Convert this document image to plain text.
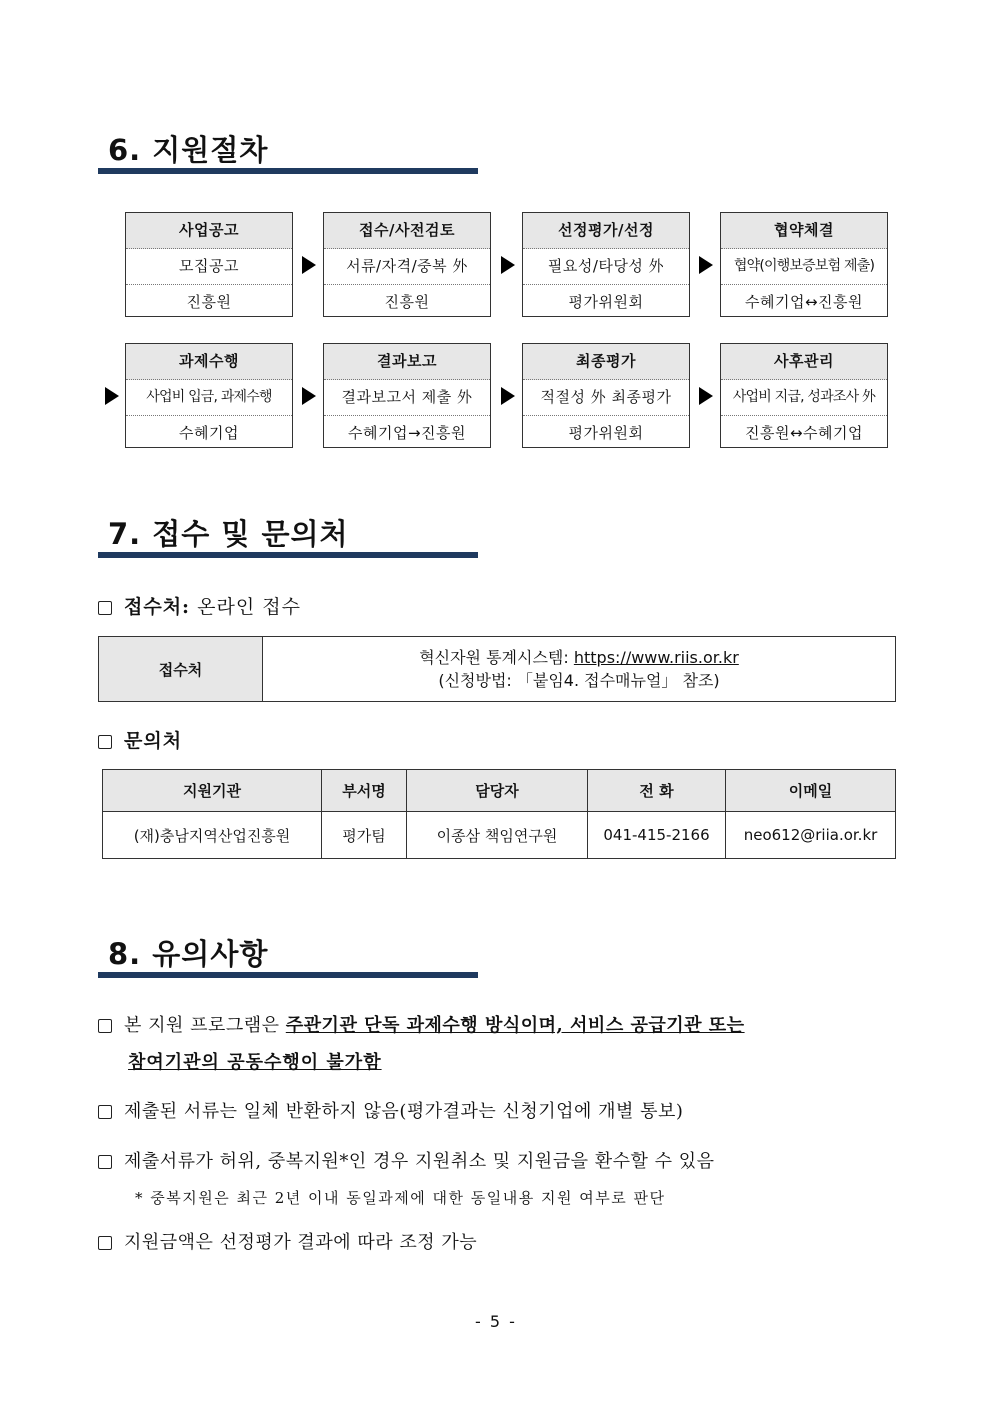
6. 지원절차
사업공고
모집공고
진흥원
접수/사전검토
서류/자격/중복 外
진흥원
선정평가/선정
필요성/타당성 外
평가위원회
협약체결
협약(이행보증보험 제출)
수혜기업↔진흥원
과제수행
사업비 입금, 과제수행
수혜기업
결과보고
결과보고서 제출 外
수혜기업→진흥원
최종평가
적절성 外 최종평가
평가위원회
사후관리
사업비 지급, 성과조사 外
진흥원↔수혜기업
7. 접수 및 문의처
접수처: 온라인 접수
접수처	
혁신자원 통계시스템: https://www.riis.or.kr
(신청방법: 「붙임4. 접수매뉴얼」 참조)
문의처
지원기관	부서명	담당자	전 화	이메일
(재)충남지역산업진흥원	평가팀	이종삼 책임연구원	041-415-2166	neo612@riia.or.kr
8. 유의사항
본 지원 프로그램은 주관기관 단독 과제수행 방식이며, 서비스 공급기관 또는
참여기관의 공동수행이 불가함
제출된 서류는 일체 반환하지 않음(평가결과는 신청기업에 개별 통보)
제출서류가 허위, 중복지원*인 경우 지원취소 및 지원금을 환수할 수 있음
* 중복지원은 최근 2년 이내 동일과제에 대한 동일내용 지원 여부로 판단
지원금액은 선정평가 결과에 따라 조정 가능
- 5 -
